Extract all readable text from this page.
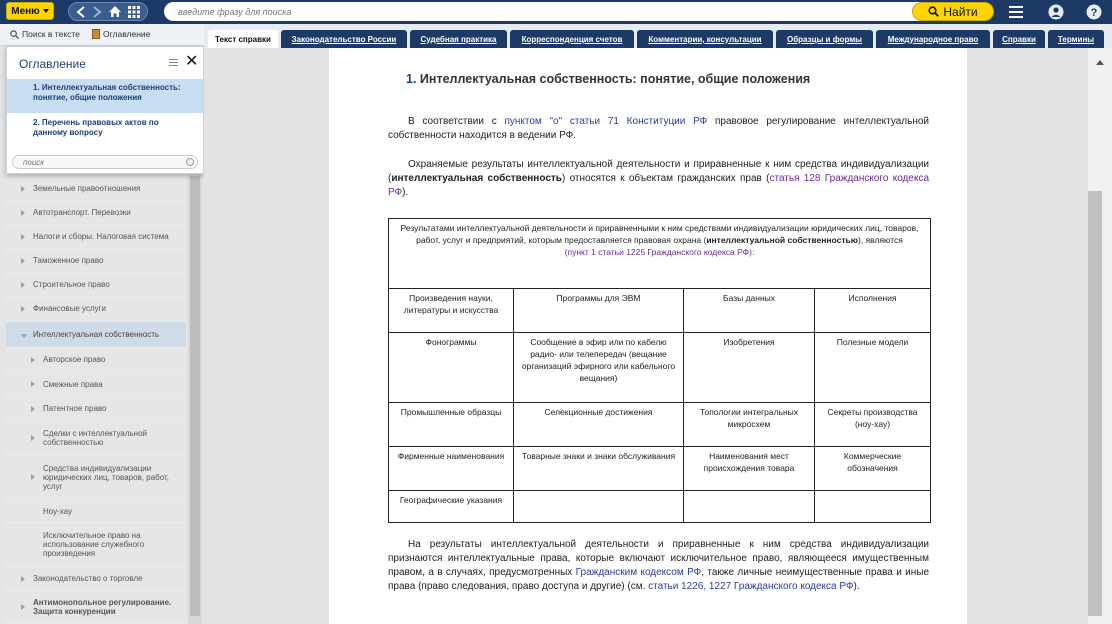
Меню
введите фразу для поиска	Найти	?
Поиск в тексте	Оглавление
Земельные правоотношения
Автотранспорт. Перевозки
Налоги и сборы. Налоговая система
Таможенное право
Строительное право
Финансовые услуги
Интеллектуальная собственность
Авторское право
Смежные права
Патентное право
Сделки с интеллектуальной собственностью
Средства индивидуализации юридических лиц, товаров, работ, услуг
Ноу-хау
Исключительное право на использование служебного произведения
Законодательство о торговле
Антимонопольное регулирование. Защита конкуренции
Оглавление	✕
1. Интеллектуальная собственность: понятие, общие положения
2. Перечень правовых актов по данному вопросу
поиск
Текст справки	Законодательство России	Судебная практика	Корреспонденция счетов	Комментарии, консультации	Образцы и формы	Международное право	Справки	Термины
1. Интеллектуальная собственность: понятие, общие положения
В соответствии с пунктом "о" статьи 71 Конституции РФ правовое регулирование интеллектуальной собственности находится в ведении РФ.
Охраняемые результаты интеллектуальной деятельности и приравненные к ним средства индивидуализации (интеллектуальная собственность) относятся к объектам гражданских прав (статья 128 Гражданского кодекса РФ).
Результатами интеллектуальной деятельности и приравненными к ним средствами индивидуализации юридических лиц, товаров, работ, услуг и предприятий, которым предоставляется правовая охрана (интеллектуальной собственностью), являются
(пункт 1 статьи 1225 Гражданского кодекса РФ):			
Произведения науки, литературы и искусства	Программы для ЭВМ	Базы данных	Исполнения
Фонограммы	Сообщение в эфир или по кабелю радио- или телепередач (вещание организаций эфирного или кабельного вещания)	Изобретения	Полезные модели
Промышленные образцы	Селекционные достижения	Топологии интегральных микросхем	Секреты производства (ноу-хау)
Фирменные наименования	Товарные знаки и знаки обслуживания	Наименования мест происхождения товара	Коммерческие обозначения
Географические указания			
На результаты интеллектуальной деятельности и приравненные к ним средства индивидуализации признаются интеллектуальные права, которые включают исключительное право, являющееся имущественным правом, а в случаях, предусмотренных Гражданским кодексом РФ, также личные неимущественные права и иные права (право следования, право доступа и другие) (см. статьи 1226, 1227 Гражданского кодекса РФ).
